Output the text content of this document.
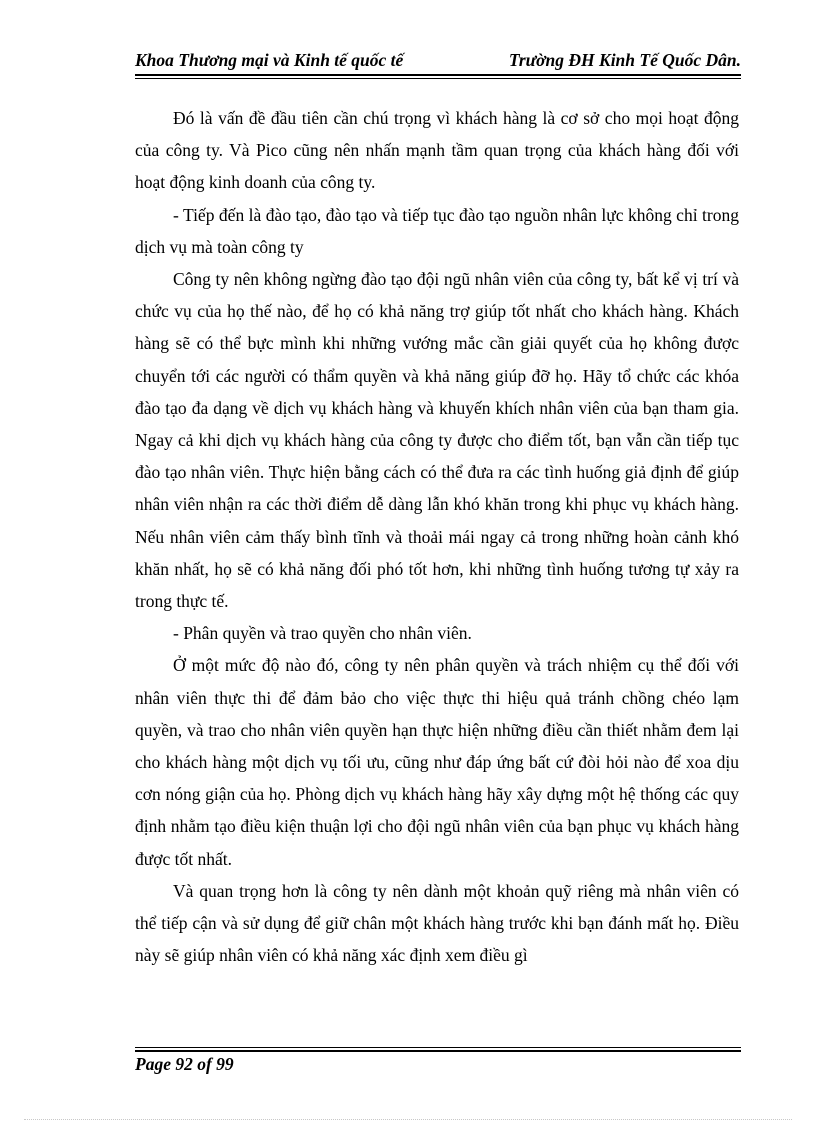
Khoa Thương mại và Kinh tế quốc tế	Trường ĐH Kinh Tế Quốc Dân.

Đó là vấn đề đầu tiên cần chú trọng vì khách hàng là cơ sở cho mọi hoạt động của công ty. Và Pico cũng nên nhấn mạnh tầm quan trọng của khách hàng đối với hoạt động kinh doanh của công ty.

- Tiếp đến là đào tạo, đào tạo và tiếp tục đào tạo nguồn nhân lực không chỉ trong dịch vụ mà toàn công ty

Công ty nên không ngừng đào tạo đội ngũ nhân viên của công ty, bất kể vị trí và chức vụ của họ thế nào, để họ có khả năng trợ giúp tốt nhất cho khách hàng. Khách hàng sẽ có thể bực mình khi những vướng mắc cần giải quyết của họ không được chuyển tới các người có thẩm quyền và khả năng giúp đỡ họ. Hãy tổ chức các khóa đào tạo đa dạng về dịch vụ khách hàng và khuyến khích nhân viên của bạn tham gia. Ngay cả khi dịch vụ khách hàng của công ty được cho điểm tốt, bạn vẫn cần tiếp tục đào tạo nhân viên. Thực hiện bằng cách có thể đưa ra các tình huống giả định để giúp nhân viên nhận ra các thời điểm dễ dàng lẫn khó khăn trong khi phục vụ khách hàng. Nếu nhân viên cảm thấy bình tĩnh và thoải mái ngay cả trong những hoàn cảnh khó khăn nhất, họ sẽ có khả năng đối phó tốt hơn, khi những tình huống tương tự xảy ra trong thực tế.

- Phân quyền và trao quyền cho nhân viên.

Ở một mức độ nào đó, công ty nên phân quyền và trách nhiệm cụ thể đối với nhân viên thực thi để đảm bảo cho việc thực thi hiệu quả tránh chồng chéo lạm quyền, và trao cho nhân viên quyền hạn thực hiện những điều cần thiết nhằm đem lại cho khách hàng một dịch vụ tối ưu, cũng như đáp ứng bất cứ đòi hỏi nào để xoa dịu cơn nóng giận của họ. Phòng dịch vụ khách hàng hãy xây dựng một hệ thống các quy định nhằm tạo điều kiện thuận lợi cho đội ngũ nhân viên của bạn phục vụ khách hàng được tốt nhất.

Và quan trọng hơn là công ty nên dành một khoản quỹ riêng mà nhân viên có thể tiếp cận và sử dụng để giữ chân một khách hàng trước khi bạn đánh mất họ. Điều này sẽ giúp nhân viên có khả năng xác định xem điều gì

Page 92 of 99
